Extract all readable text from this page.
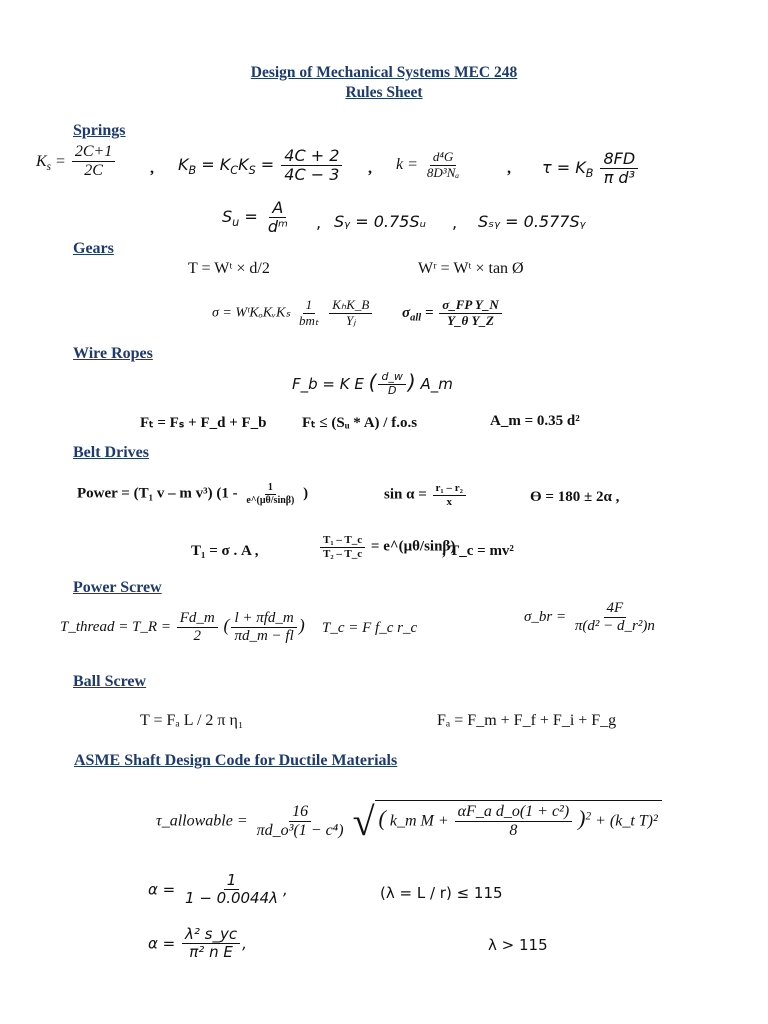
Design of Mechanical Systems MEC 248
Rules Sheet
Springs
$K_s = \frac{2C+1}{2C}$ , $K_B = K_CK_S = \frac{4C + 2}{4C - 3}$ , $k = \frac{\text{d⁴G}}{\text{8D³Nₐ}}$	, $\tau = K_B \frac{8FD}{\text{π d³}}$
$S_u = \frac{A}{\text{dᵐ}}$ , Sᵧ = 0.75Sᵤ , Sₛᵧ = 0.577Sᵧ
Gears
T = Wᵗ × d/2	Wʳ = Wᵗ × tan Ø
σ = WᵗKₒKᵥKₛ $\frac{1}{\text{bmₜ}}$
$\frac{\text{KₕK\_B}}{\text{Yⱼ}} \sigma_{all} = \frac{\text{σ\_FP Y\_N}}{\text{Y\_θ Y\_Z}}$
Wire Ropes
F_b = K E ( $\frac{d\_w}{D}$ ) A_m
Fₜ = Fₛ + F_d + F_b Fₜ ≤ (Sᵤ * A) / f.o.s	A_m = 0.35 d²
Belt Drives
Power = (T₁ v – m v³) ($1 - \frac{1}{e\^{}(\mu\theta/\sin\beta)}$ )	$\sin \alpha = \frac{\text{r₁ – r₂}}{x}$	ϴ = 180 ± 2α ,
T₁ = σ . A ,	$\frac{\text{T₁ – T\_c}}{\text{T₂ – T\_c}}$ = e^(μθ/sinβ)
, T_c = mv²
Power Screw
T_thread = T_R = $\frac{Fd\_m}{2}$ ( $\frac{\text{l + πfd\_m}}{\pi d\_m - fl}$ ) T_c = F f_c r_c
σ_br = $\frac{4F}{\text{π(d² − d\_r²)n}}$
Ball Screw
T = Fₐ L / 2 π η₁	Fₐ = F_m + F_f + F_i + F_g
ASME Shaft Design Code for Ductile Materials
τ_allowable = $\frac{16}{\text{πd\_o³(1 − c⁴)}}$ √ ( k_m $M + \frac{\text{αF\_a d\_o(1 + c²)}}{8} )^2$ + (k_t T)²
$\alpha = \frac{1}{1 - 0.0044\lambda}$ ,	(λ = L / r) ≤ 115
$\alpha = \frac{\text{λ² s\_yc}}{\text{π² n E}}$ ,	λ > 115
